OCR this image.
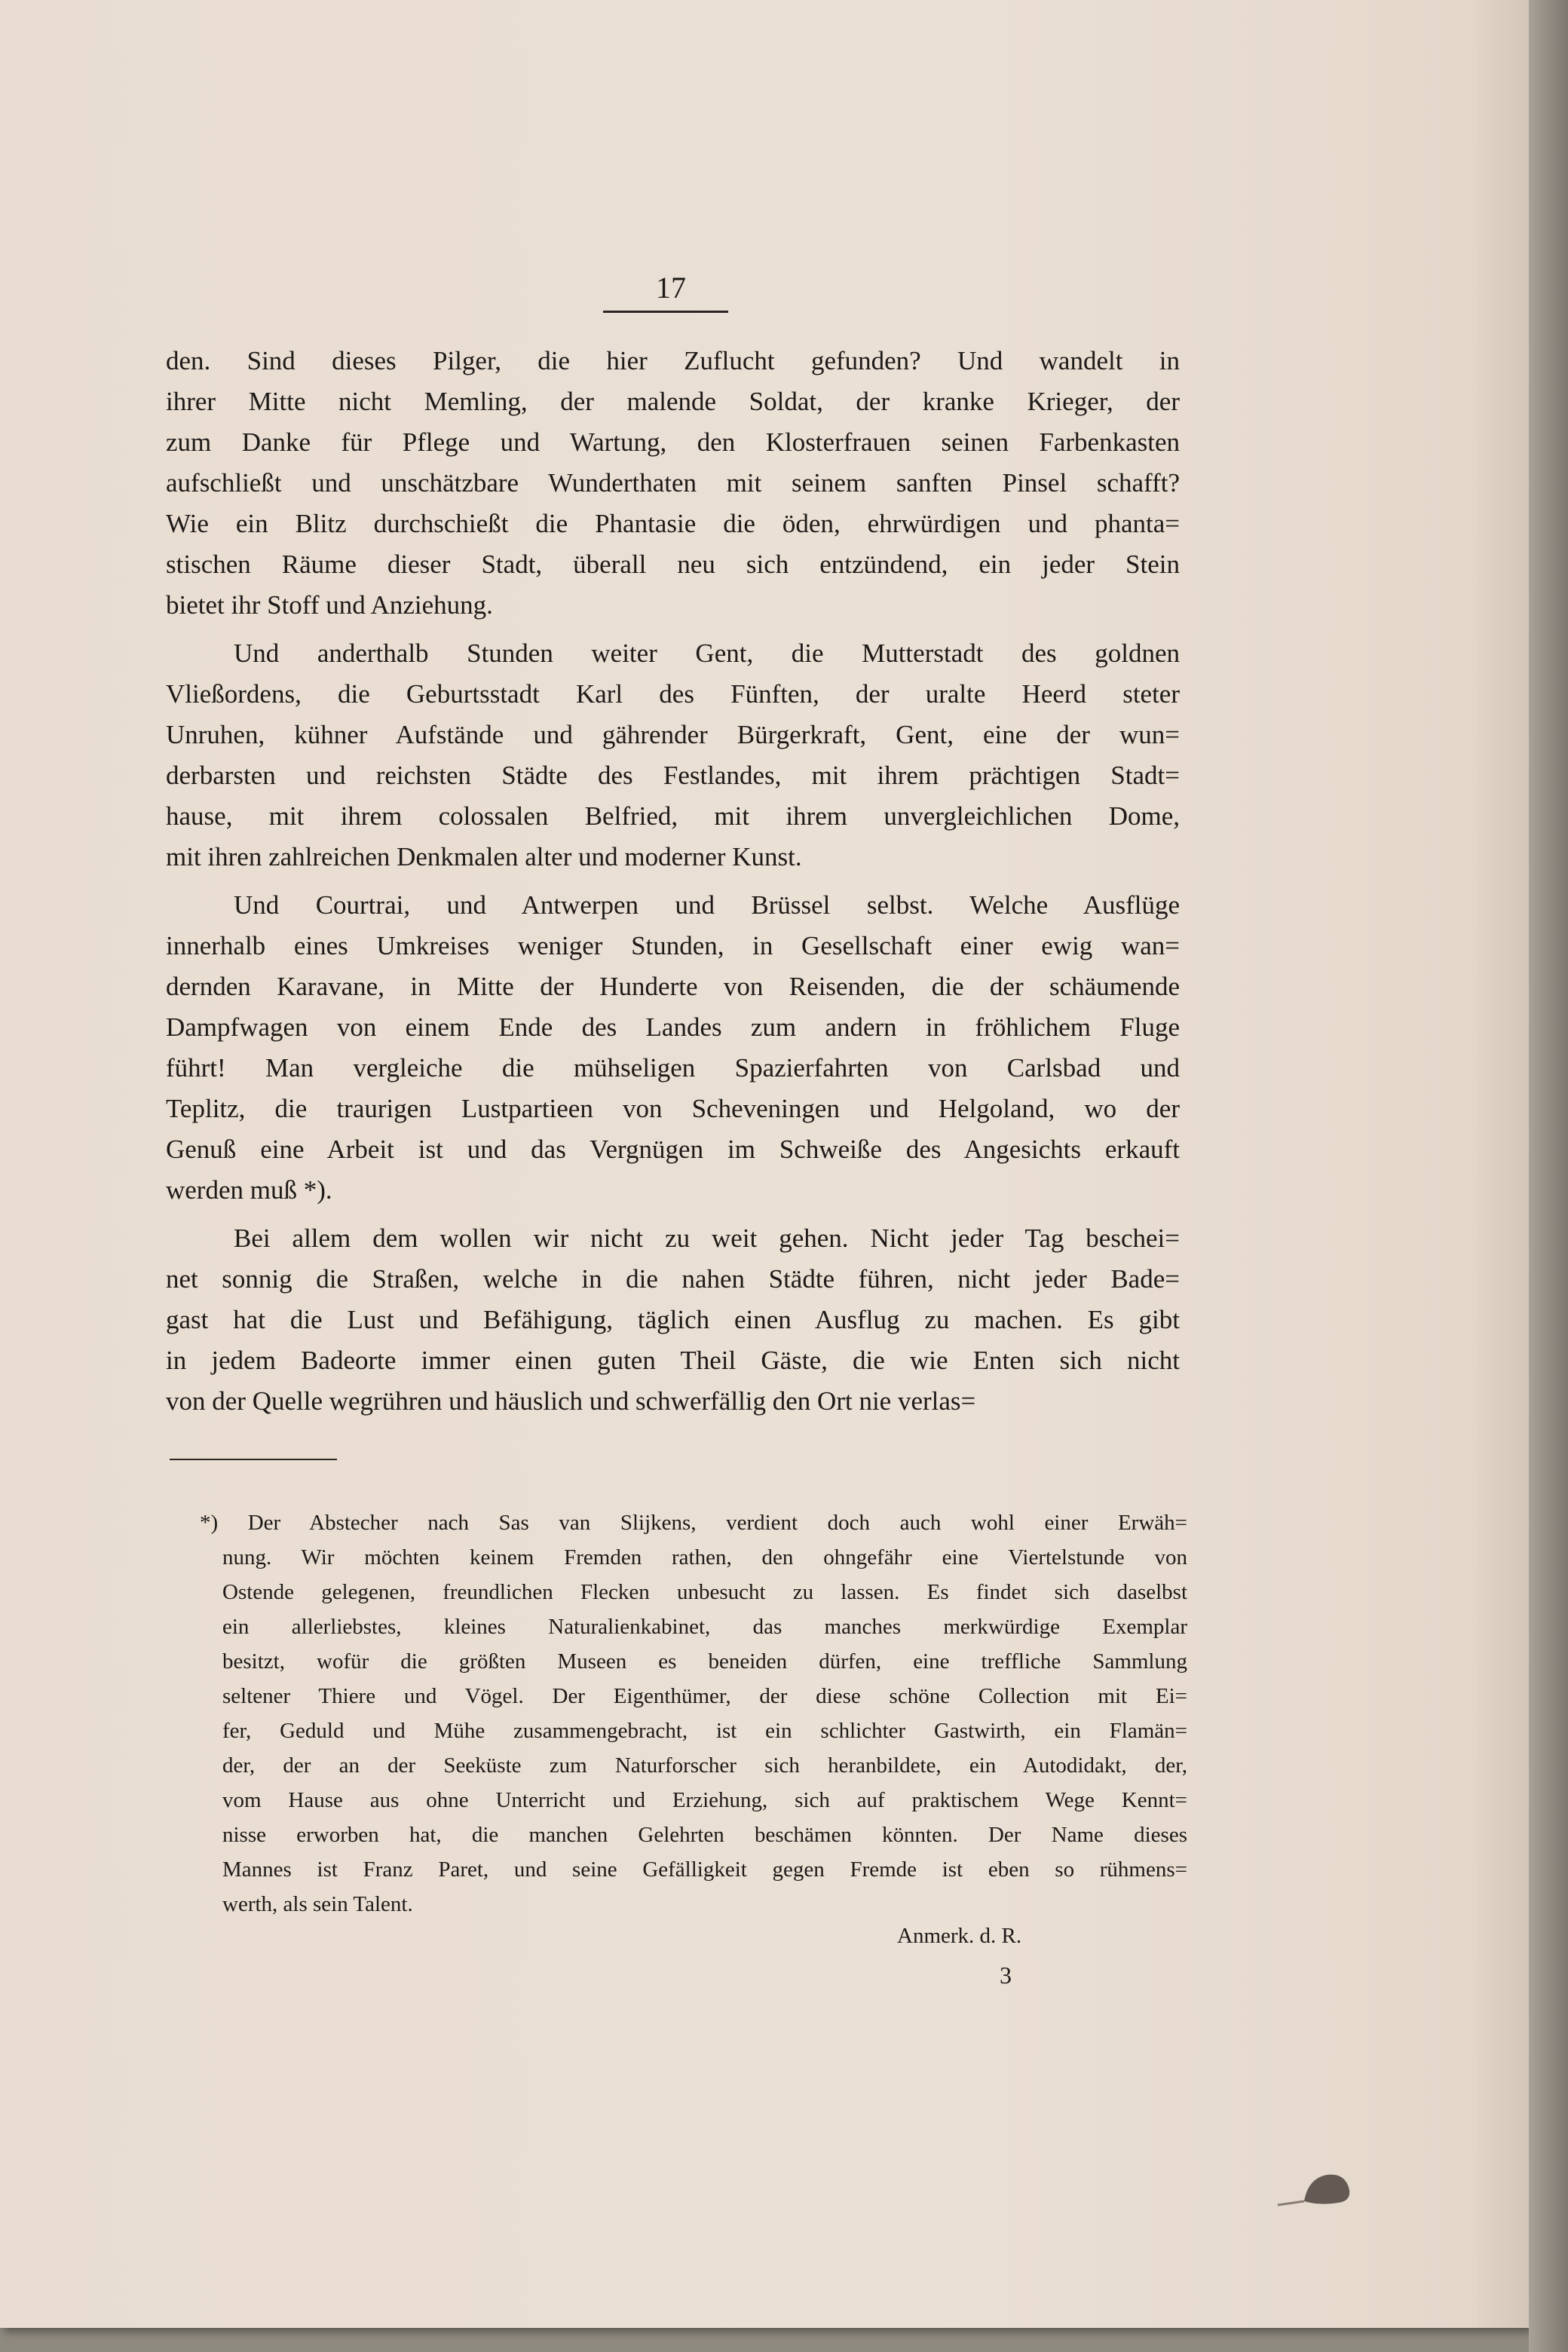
17
den. Sind dieses Pilger, die hier Zuflucht gefunden? Und wandelt in
ihrer Mitte nicht Memling, der malende Soldat, der kranke Krieger, der
zum Danke für Pflege und Wartung, den Klosterfrauen seinen Farbenkasten
aufschließt und unschätzbare Wunderthaten mit seinem sanften Pinsel schafft?
Wie ein Blitz durchschießt die Phantasie die öden, ehrwürdigen und phanta=
stischen Räume dieser Stadt, überall neu sich entzündend, ein jeder Stein
bietet ihr Stoff und Anziehung.
Und anderthalb Stunden weiter Gent, die Mutterstadt des goldnen
Vließordens, die Geburtsstadt Karl des Fünften, der uralte Heerd steter
Unruhen, kühner Aufstände und gährender Bürgerkraft, Gent, eine der wun=
derbarsten und reichsten Städte des Festlandes, mit ihrem prächtigen Stadt=
hause, mit ihrem colossalen Belfried, mit ihrem unvergleichlichen Dome,
mit ihren zahlreichen Denkmalen alter und moderner Kunst.
Und Courtrai, und Antwerpen und Brüssel selbst. Welche Ausflüge
innerhalb eines Umkreises weniger Stunden, in Gesellschaft einer ewig wan=
dernden Karavane, in Mitte der Hunderte von Reisenden, die der schäumende
Dampfwagen von einem Ende des Landes zum andern in fröhlichem Fluge
führt! Man vergleiche die mühseligen Spazierfahrten von Carlsbad und
Teplitz, die traurigen Lustpartieen von Scheveningen und Helgoland, wo der
Genuß eine Arbeit ist und das Vergnügen im Schweiße des Angesichts erkauft
werden muß *).
Bei allem dem wollen wir nicht zu weit gehen. Nicht jeder Tag beschei=
net sonnig die Straßen, welche in die nahen Städte führen, nicht jeder Bade=
gast hat die Lust und Befähigung, täglich einen Ausflug zu machen. Es gibt
in jedem Badeorte immer einen guten Theil Gäste, die wie Enten sich nicht
von der Quelle wegrühren und häuslich und schwerfällig den Ort nie verlas=
*) Der Abstecher nach Sas van Slijkens, verdient doch auch wohl einer Erwäh=
nung. Wir möchten keinem Fremden rathen, den ohngefähr eine Viertelstunde von
Ostende gelegenen, freundlichen Flecken unbesucht zu lassen. Es findet sich daselbst
ein allerliebstes, kleines Naturalienkabinet, das manches merkwürdige Exemplar
besitzt, wofür die größten Museen es beneiden dürfen, eine treffliche Sammlung
seltener Thiere und Vögel. Der Eigenthümer, der diese schöne Collection mit Ei=
fer, Geduld und Mühe zusammengebracht, ist ein schlichter Gastwirth, ein Flamän=
der, der an der Seeküste zum Naturforscher sich heranbildete, ein Autodidakt, der,
vom Hause aus ohne Unterricht und Erziehung, sich auf praktischem Wege Kennt=
nisse erworben hat, die manchen Gelehrten beschämen könnten. Der Name dieses
Mannes ist Franz Paret, und seine Gefälligkeit gegen Fremde ist eben so rühmens=
werth, als sein Talent.
Anmerk. d. R.
3
